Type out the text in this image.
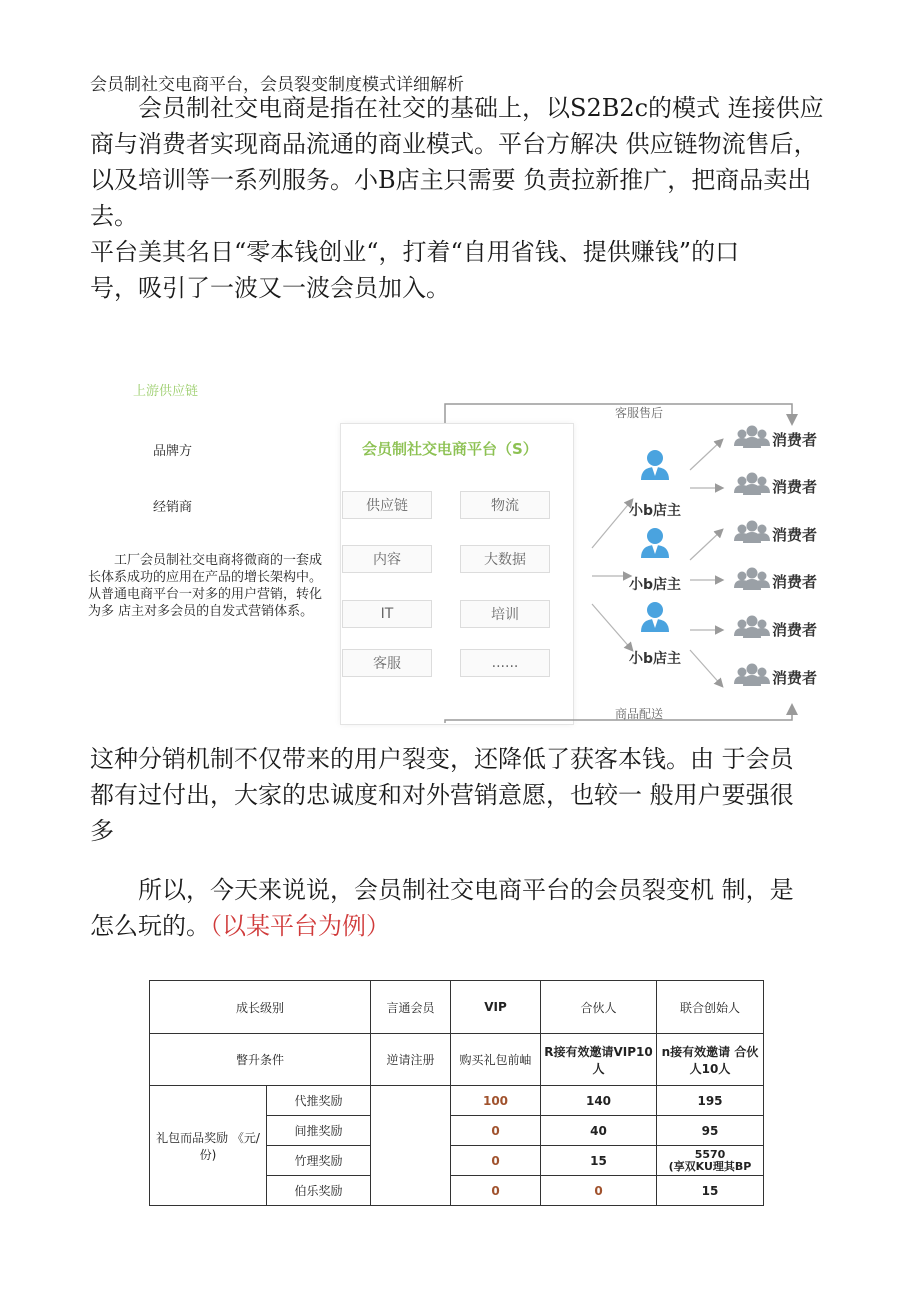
会员制社交电商平台，会员裂变制度模式详细解析
会员制社交电商是指在社交的基础上，以S2B2c的模式 连接供应
商与消费者实现商品流通的商业模式。平台方解决 供应链物流售后，
以及培训等一系列服务。小B店主只需要 负责拉新推广，把商品卖出
去。
平台美其名日“零本钱创业“，打着“自用省钱、提供赚钱”的口
号，吸引了一波又一波会员加入。
上游供应链
品牌方
经销商
工厂会员制社交电商将微商的一套成长体系成功的应用在产品的增长架构中。从普通电商平台一对多的用户营销，转化为多 店主对多会员的自发式营销体系。
会员制社交电商平台（S）
供应链	物流
内容	大数据
IT	培训
客服	......
客服售后
商品配送
小b店主
小b店主
小b店主
消费者
消费者
消费者
消费者
消费者
消费者
这种分销机制不仅带来的用户裂变，还降低了获客本钱。由 于会员
都有过付出，大家的忠诚度和对外营销意愿，也较一 般用户要强很
多
所以，今天来说说，会员制社交电商平台的会员裂变机 制，是
怎么玩的。（以某平台为例）
成长级别		言通会员	VIP	合伙人	联合创始人
瞥升条件		逆请注册	购买礼包前岫	R接有效邀请VIP10人	n接有效邀请 合伙人10人
礼包而品奖励 《元/份)	代推奖励		100	140	195
	间推奖励		0	40	95
	竹理奖励		0	15	5570
(享双KU理其BP

	伯乐奖励		0	0	15
